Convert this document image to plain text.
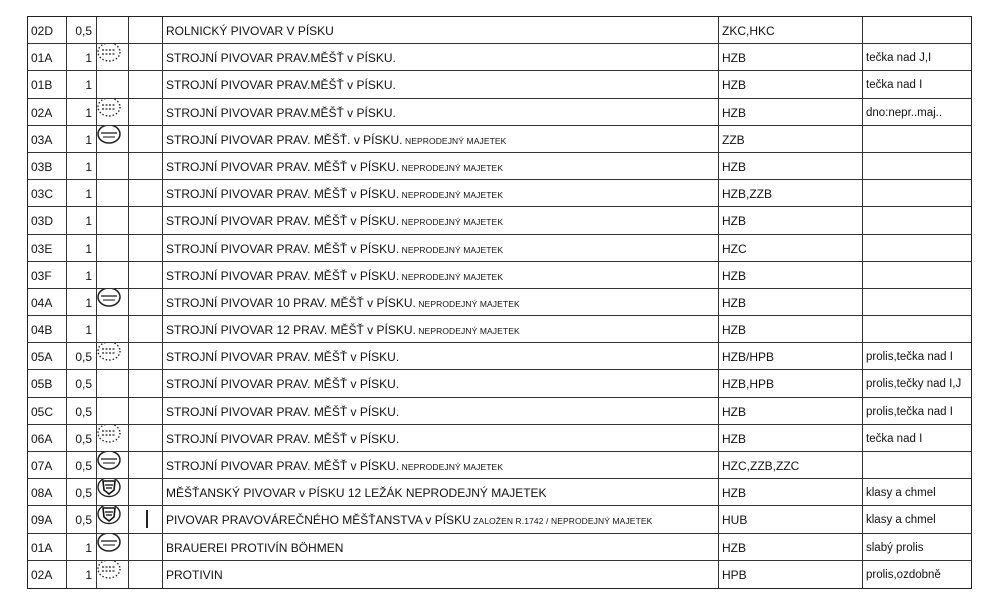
02D	0,5	ROLNICKÝ PIVOVAR V PÍSKU	ZKC,HKC
01A	1	STROJNÍ PIVOVAR PRAV.MĚŠŤ v PÍSKU.	HZB	tečka nad J,I
01B	1	STROJNÍ PIVOVAR PRAV.MĚŠŤ v PÍSKU.	HZB	tečka nad I
02A	1	STROJNÍ PIVOVAR PRAV.MĚŠŤ v PÍSKU.	HZB	dno:nepr..maj..
03A	1	STROJNÍ PIVOVAR PRAV. MĚŠŤ. v PÍSKU. NEPRODEJNÝ MAJETEK	ZZB
03B	1	STROJNÍ PIVOVAR PRAV. MĚŠŤ v PÍSKU. NEPRODEJNÝ MAJETEK	HZB
03C	1	STROJNÍ PIVOVAR PRAV. MĚŠŤ v PÍSKU. NEPRODEJNÝ MAJETEK	HZB,ZZB
03D	1	STROJNÍ PIVOVAR PRAV. MĚŠŤ v PÍSKU. NEPRODEJNÝ MAJETEK	HZB
03E	1	STROJNÍ PIVOVAR PRAV. MĚŠŤ v PÍSKU. NEPRODEJNÝ MAJETEK	HZC
03F	1	STROJNÍ PIVOVAR PRAV. MĚŠŤ v PÍSKU. NEPRODEJNÝ MAJETEK	HZB
04A	1	STROJNÍ PIVOVAR 10 PRAV. MĚŠŤ v PÍSKU. NEPRODEJNÝ MAJETEK	HZB
04B	1	STROJNÍ PIVOVAR 12 PRAV. MĚŠŤ v PÍSKU. NEPRODEJNÝ MAJETEK	HZB
05A	0,5	STROJNÍ PIVOVAR PRAV. MĚŠŤ v PÍSKU.	HZB/HPB	prolis,tečka nad I
05B	0,5	STROJNÍ PIVOVAR PRAV. MĚŠŤ v PÍSKU.	HZB,HPB	prolis,tečky nad I,J
05C	0,5	STROJNÍ PIVOVAR PRAV. MĚŠŤ v PÍSKU.	HZB	prolis,tečka nad I
06A	0,5	STROJNÍ PIVOVAR PRAV. MĚŠŤ v PÍSKU.	HZB	tečka nad I
07A	0,5	STROJNÍ PIVOVAR PRAV. MĚŠŤ v PÍSKU. NEPRODEJNÝ MAJETEK	HZC,ZZB,ZZC
08A	0,5	MĚŠŤANSKÝ PIVOVAR v PÍSKU 12 LEŽÁK NEPRODEJNÝ MAJETEK	HZB	klasy a chmel
09A	0,5	PIVOVAR PRAVOVÁREČNÉHO MĚŠŤANSTVA v PÍSKU ZALOŽEN R.1742 / NEPRODEJNÝ MAJETEK	HUB	klasy a chmel
01A	1	BRAUEREI PROTIVÍN BÖHMEN	HZB	slabý prolis
02A	1	PROTIVIN	HPB	prolis,ozdobně
